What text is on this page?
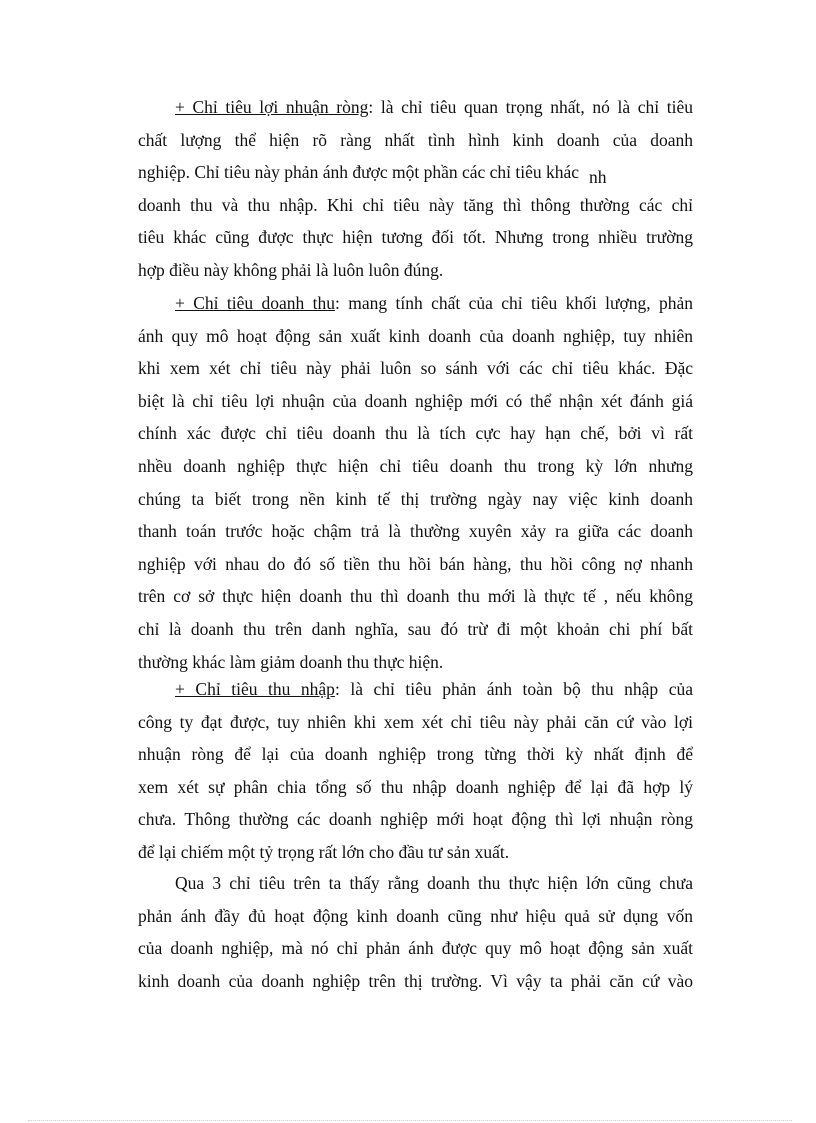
+ Chỉ tiêu lợi nhuận ròng: là chỉ tiêu quan trọng nhất, nó là chỉ tiêu
chất lượng thể hiện rõ ràng nhất tình hình kinh doanh của doanh
nghiệp. Chỉ tiêu này phản ánh được một phần các chỉ tiêu khác nh
doanh thu và thu nhập. Khi chỉ tiêu này tăng thì thông thường các chỉ
tiêu khác cũng được thực hiện tương đối tốt. Nhưng trong nhiều trường
hợp điều này không phải là luôn luôn đúng.
+ Chỉ tiêu doanh thu: mang tính chất của chỉ tiêu khối lượng, phản
ánh quy mô hoạt động sản xuất kinh doanh của doanh nghiệp, tuy nhiên
khi xem xét chỉ tiêu này phải luôn so sánh với các chỉ tiêu khác. Đặc
biệt là chỉ tiêu lợi nhuận của doanh nghiệp mới có thể nhận xét đánh giá
chính xác được chỉ tiêu doanh thu là tích cực hay hạn chế, bởi vì rất
nhều doanh nghiệp thực hiện chỉ tiêu doanh thu trong kỳ lớn nhưng
chúng ta biết trong nền kinh tế thị trường ngày nay việc kinh doanh
thanh toán trước hoặc chậm trả là thường xuyên xảy ra giữa các doanh
nghiệp với nhau do đó số tiền thu hồi bán hàng, thu hồi công nợ nhanh
trên cơ sở thực hiện doanh thu thì doanh thu mới là thực tế , nếu không
chỉ là doanh thu trên danh nghĩa, sau đó trừ đi một khoản chi phí bất
thường khác làm giảm doanh thu thực hiện.
+ Chỉ tiêu thu nhập: là chỉ tiêu phản ánh toàn bộ thu nhập của
công ty đạt được, tuy nhiên khi xem xét chỉ tiêu này phải căn cứ vào lợi
nhuận ròng để lại của doanh nghiệp trong từng thời kỳ nhất định để
xem xét sự phân chia tổng số thu nhập doanh nghiệp để lại đã hợp lý
chưa. Thông thường các doanh nghiệp mới hoạt động thì lợi nhuận ròng
để lại chiếm một tỷ trọng rất lớn cho đầu tư sản xuất.
Qua 3 chỉ tiêu trên ta thấy rằng doanh thu thực hiện lớn cũng chưa
phản ánh đầy đủ hoạt động kinh doanh cũng như hiệu quả sử dụng vốn
của doanh nghiệp, mà nó chỉ phản ánh được quy mô hoạt động sản xuất
kinh doanh của doanh nghiệp trên thị trường. Vì vậy ta phải căn cứ vào
